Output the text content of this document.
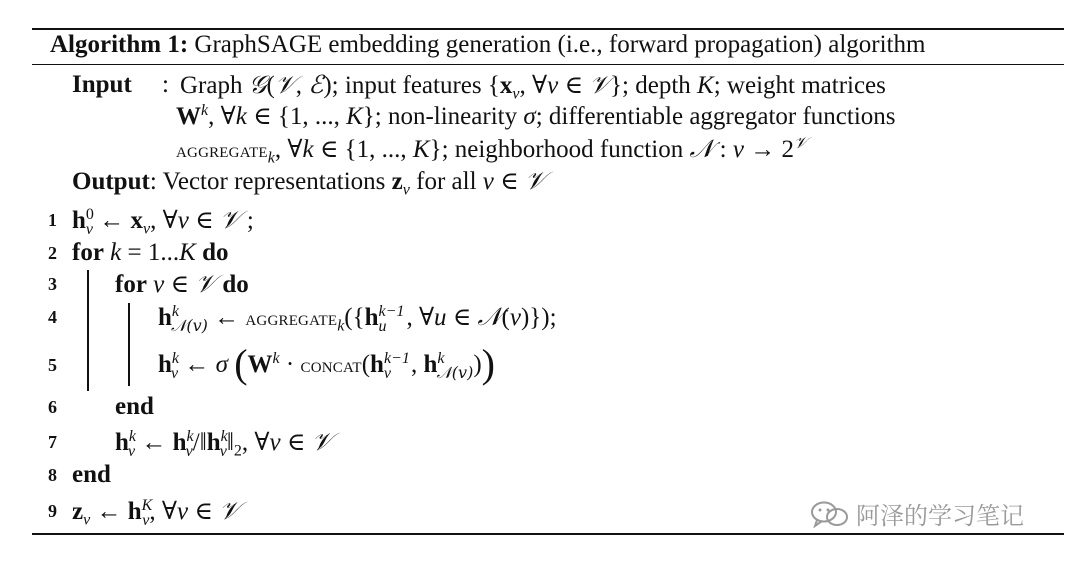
Algorithm 1: GraphSAGE embedding generation (i.e., forward propagation) algorithm
Input : Graph 𝒢(𝒱, ℰ); input features {$x_v$, ∀v ∈ 𝒱}; depth K; weight matrices
$W^k$, ∀k ∈ {1, ..., K}; non-linearity σ; differentiable aggregator functions
aggregate$_k$, ∀k ∈ {1, ..., K}; neighborhood function 𝒩 : $v \to 2^𝒱$
Output: Vector representations $z_v$ for all v ∈ 𝒱
1 $h^0_v$ ← $x_v$, ∀v ∈ 𝒱 ;
2 for k = 1...K do
3 for v ∈ 𝒱 do
4	$h^k_{𝒩(v)}$ ← $aggregate_k(\{h^{k-1}_u$ , ∀u ∈ 𝒩(v)});
5	$h^k_v$ ← σ ($W^k$ · $concat(h^{k-1}_v$ , $h^k_{𝒩(v)}$))
6 end
7 $h^k_v$ ← $h^k_v/‖h^k_v‖_2$, ∀v ∈ 𝒱
8 end
9 $z_v$ ← $h^K_v$, ∀v ∈ 𝒱	阿泽的学习笔记
